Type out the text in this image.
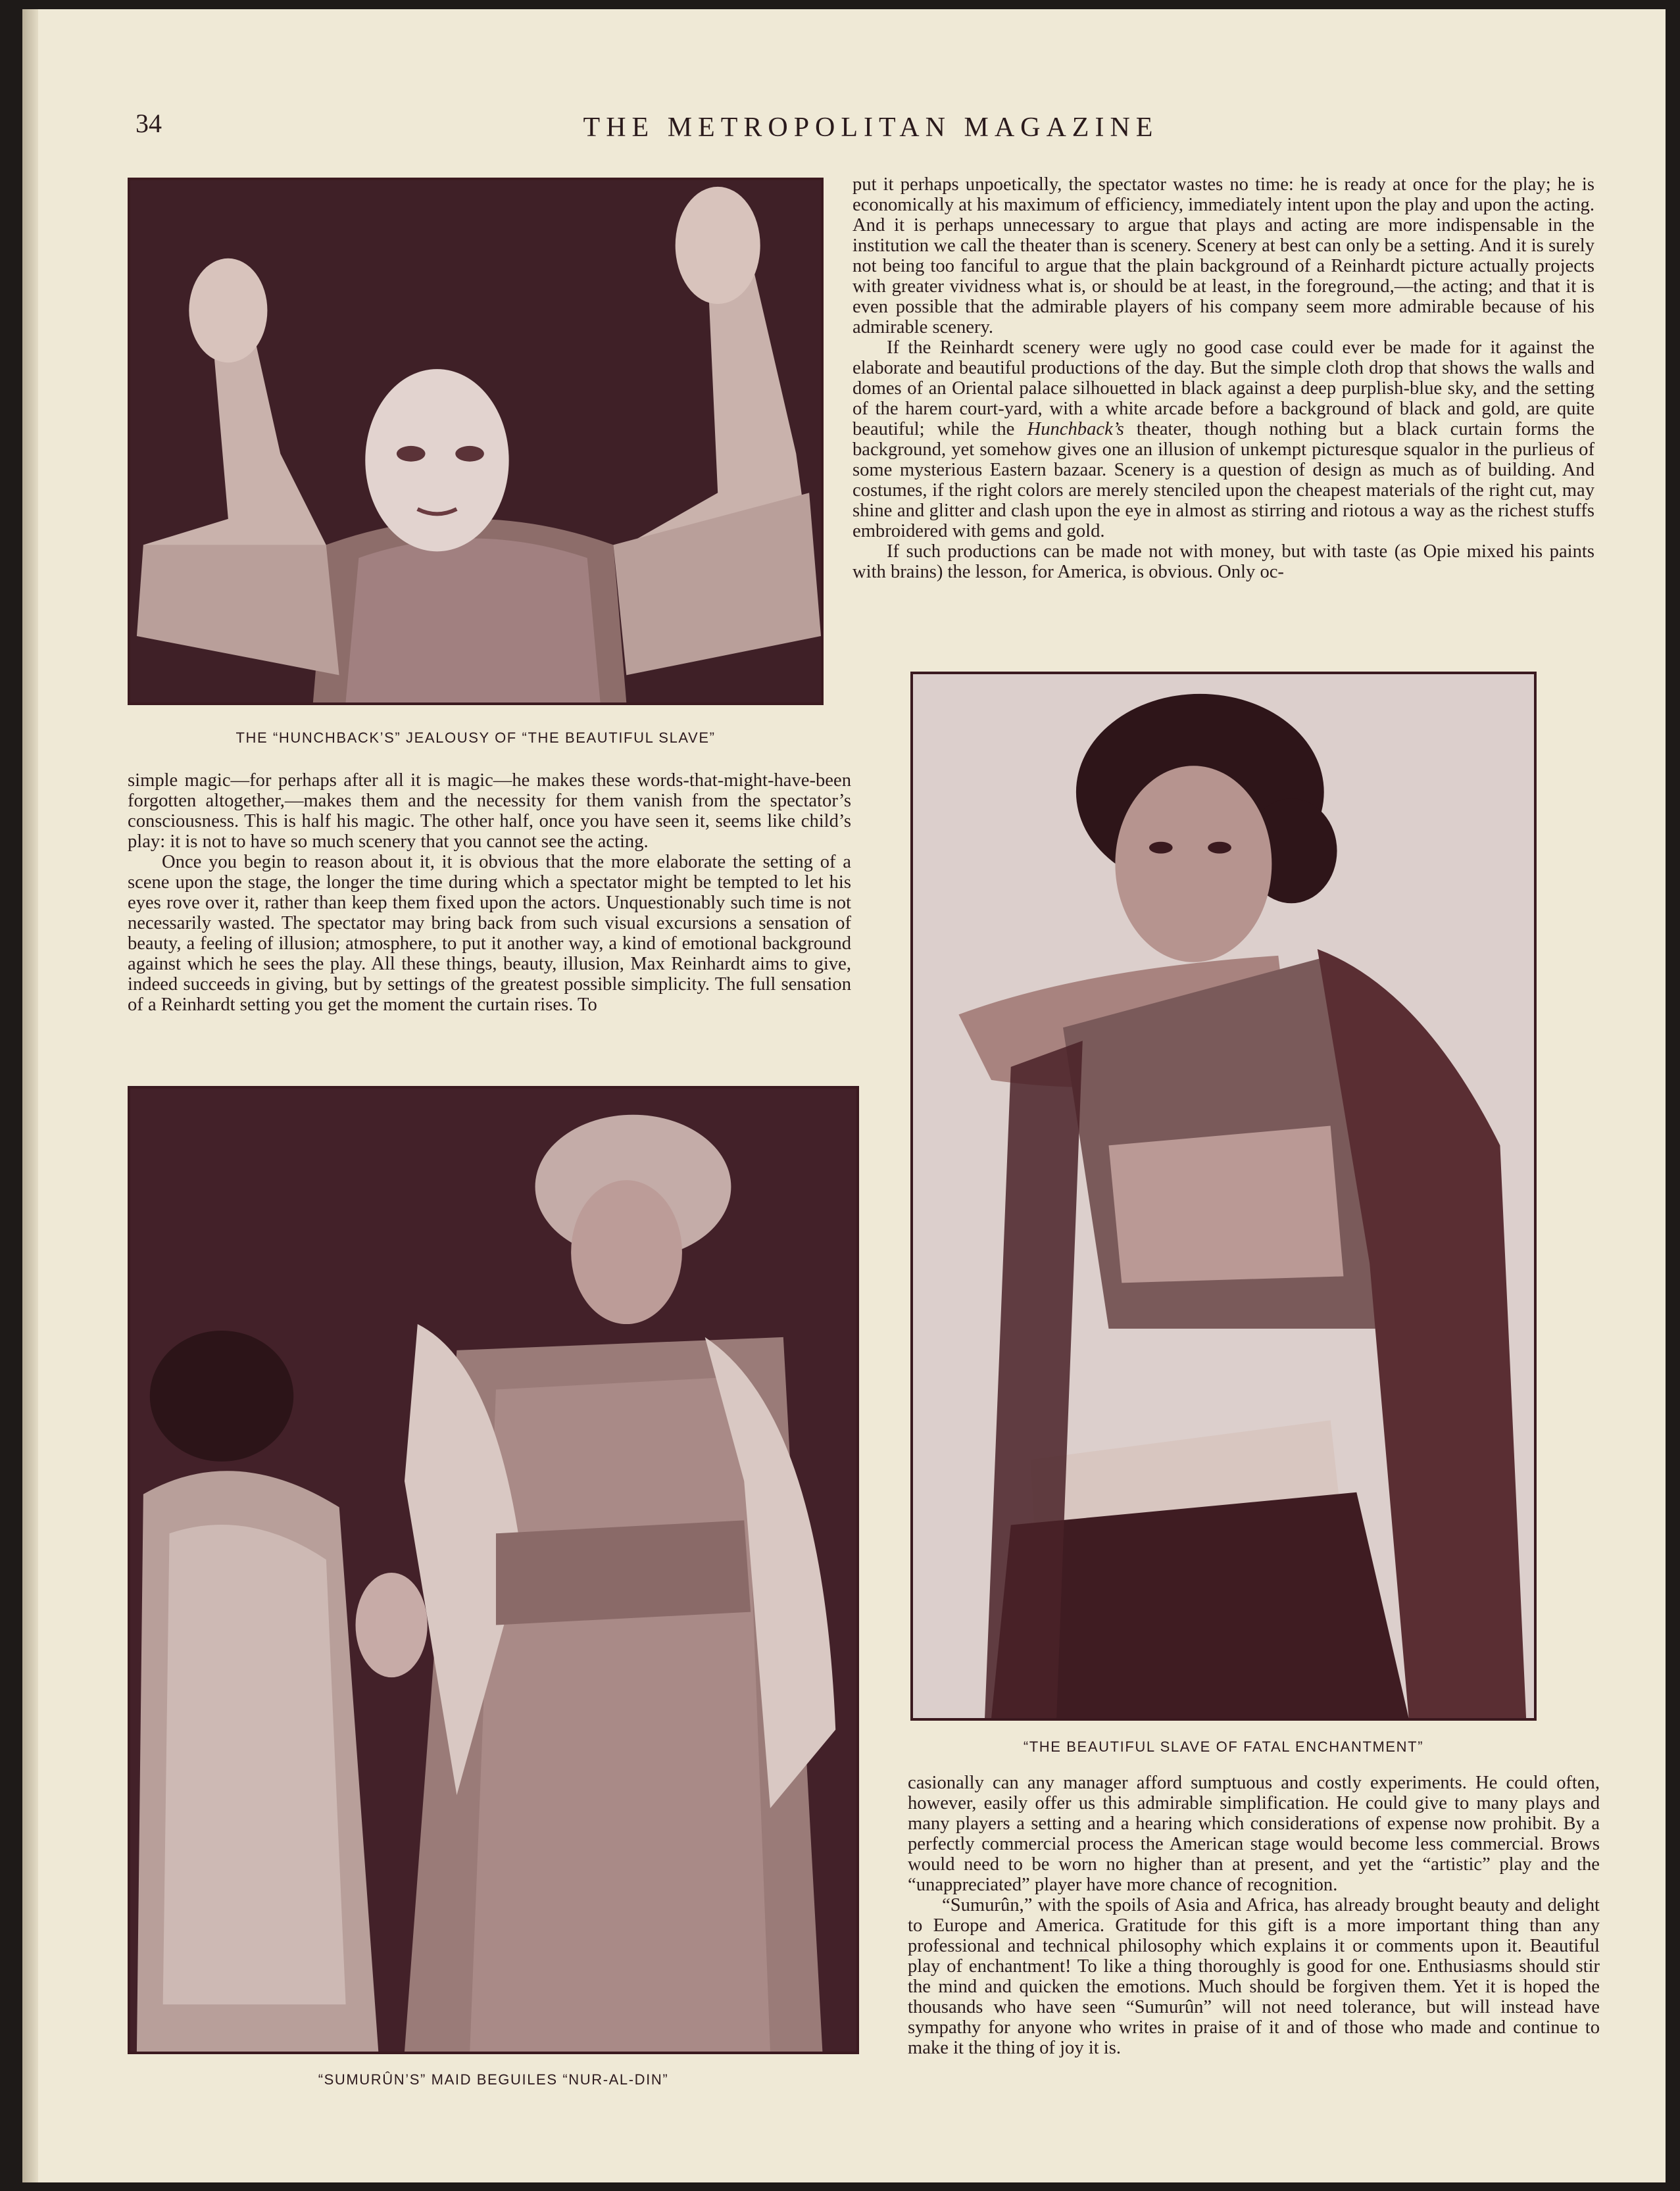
34	THE METROPOLITAN MAGAZINE
THE “HUNCHBACK’S” JEALOUSY OF “THE BEAUTIFUL SLAVE”

put it perhaps unpoetically, the spectator wastes no time: he is ready at once for the play; he is economically at his maximum of efficiency, immediately intent upon the play and upon the acting. And it is perhaps unnecessary to argue that plays and acting are more indispensable in the institution we call the theater than is scenery. Scenery at best can only be a setting. And it is surely not being too fanciful to argue that the plain background of a Reinhardt picture actually projects with greater vividness what is, or should be at least, in the foreground,—the acting; and that it is even possible that the admirable players of his company seem more admirable because of his admirable scenery.

If the Reinhardt scenery were ugly no good case could ever be made for it against the elaborate and beautiful productions of the day. But the simple cloth drop that shows the walls and domes of an Oriental palace silhouetted in black against a deep purplish-blue sky, and the setting of the harem court-yard, with a white arcade before a background of black and gold, are quite beautiful; while the Hunchback’s theater, though nothing but a black curtain forms the background, yet somehow gives one an illusion of unkempt picturesque squalor in the purlieus of some mysterious Eastern bazaar. Scenery is a question of design as much as of building. And costumes, if the right colors are merely stenciled upon the cheapest materials of the right cut, may shine and glitter and clash upon the eye in almost as stirring and riotous a way as the richest stuffs embroidered with gems and gold.

If such productions can be made not with money, but with taste (as Opie mixed his paints with brains) the lesson, for America, is obvious. Only oc-

simple magic—for perhaps after all it is magic—he makes these words-that-might-have-been forgotten altogether,—makes them and the necessity for them vanish from the spectator’s consciousness. This is half his magic. The other half, once you have seen it, seems like child’s play: it is not to have so much scenery that you cannot see the acting.

Once you begin to reason about it, it is obvious that the more elaborate the setting of a scene upon the stage, the longer the time during which a spectator might be tempted to let his eyes rove over it, rather than keep them fixed upon the actors. Unquestionably such time is not necessarily wasted. The spectator may bring back from such visual excursions a sensation of beauty, a feeling of illusion; atmosphere, to put it another way, a kind of emotional background against which he sees the play. All these things, beauty, illusion, Max Reinhardt aims to give, indeed succeeds in giving, but by settings of the greatest possible simplicity. The full sensation of a Reinhardt setting you get the moment the curtain rises. To

“THE BEAUTIFUL SLAVE OF FATAL ENCHANTMENT”
“SUMURÛN’S” MAID BEGUILES “NUR-AL-DIN”

casionally can any manager afford sumptuous and costly experiments. He could often, however, easily offer us this admirable simplification. He could give to many plays and many players a setting and a hearing which considerations of expense now prohibit. By a perfectly commercial process the American stage would become less commercial. Brows would need to be worn no higher than at present, and yet the “artistic” play and the “unappreciated” player have more chance of recognition.

“Sumurûn,” with the spoils of Asia and Africa, has already brought beauty and delight to Europe and America. Gratitude for this gift is a more important thing than any professional and technical philosophy which explains it or comments upon it. Beautiful play of enchantment! To like a thing thoroughly is good for one. Enthusiasms should stir the mind and quicken the emotions. Much should be forgiven them. Yet it is hoped the thousands who have seen “Sumurûn” will not need tolerance, but will instead have sympathy for anyone who writes in praise of it and of those who made and continue to make it the thing of joy it is.
